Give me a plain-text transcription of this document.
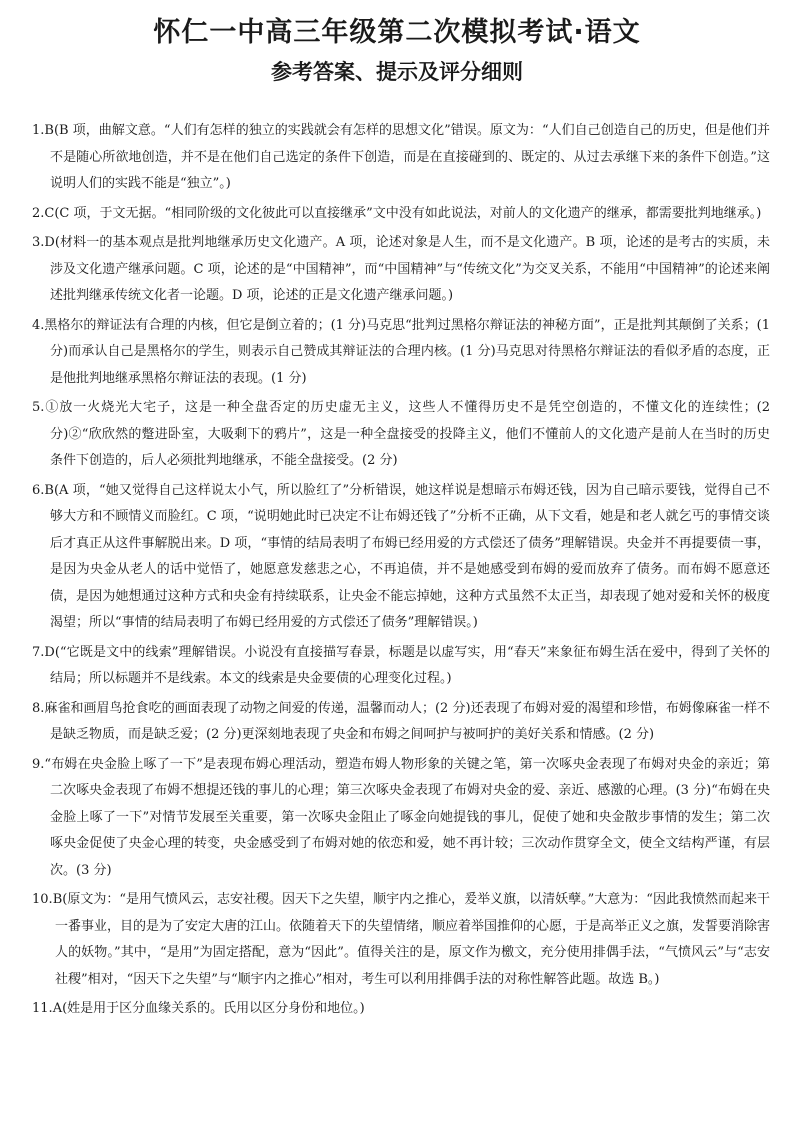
怀仁一中高三年级第二次模拟考试·语文
参考答案、提示及评分细则

1.B(B 项，曲解文意。“人们有怎样的独立的实践就会有怎样的思想文化”错误。原文为：“人们自己创造自己的历史，但是他们并不是随心所欲地创造，并不是在他们自己选定的条件下创造，而是在直接碰到的、既定的、从过去承继下来的条件下创造。”这说明人们的实践不能是“独立”。)

2.C(C 项，于文无据。“相同阶级的文化彼此可以直接继承”文中没有如此说法，对前人的文化遗产的继承，都需要批判地继承。)

3.D(材料一的基本观点是批判地继承历史文化遗产。A 项，论述对象是人生，而不是文化遗产。B 项，论述的是考古的实质，未涉及文化遗产继承问题。C 项，论述的是“中国精神”，而“中国精神”与“传统文化”为交叉关系，不能用“中国精神”的论述来阐述批判继承传统文化者一论题。D 项，论述的正是文化遗产继承问题。)

4.黑格尔的辩证法有合理的内核，但它是倒立着的；(1 分)马克思“批判过黑格尔辩证法的神秘方面”，正是批判其颠倒了关系；(1 分)而承认自己是黑格尔的学生，则表示自己赞成其辩证法的合理内核。(1 分)马克思对待黑格尔辩证法的看似矛盾的态度，正是他批判地继承黑格尔辩证法的表现。(1 分)

5.①放一火烧光大宅子，这是一种全盘否定的历史虚无主义，这些人不懂得历史不是凭空创造的，不懂文化的连续性；(2 分)②“欣欣然的蹩进卧室，大吸剩下的鸦片”，这是一种全盘接受的投降主义，他们不懂前人的文化遗产是前人在当时的历史条件下创造的，后人必须批判地继承，不能全盘接受。(2 分)

6.B(A 项，“她又觉得自己这样说太小气，所以脸红了”分析错误，她这样说是想暗示布姆还钱，因为自己暗示要钱，觉得自己不够大方和不顾情义而脸红。C 项，“说明她此时已决定不让布姆还钱了”分析不正确，从下文看，她是和老人就乞丐的事情交谈后才真正从这件事解脱出来。D 项，“事情的结局表明了布姆已经用爱的方式偿还了债务”理解错误。央金并不再提要债一事，是因为央金从老人的话中觉悟了，她愿意发慈悲之心，不再追债，并不是她感受到布姆的爱而放弃了债务。而布姆不愿意还债，是因为她想通过这种方式和央金有持续联系，让央金不能忘掉她，这种方式虽然不太正当，却表现了她对爱和关怀的极度渴望；所以“事情的结局表明了布姆已经用爱的方式偿还了债务”理解错误。)

7.D(“它既是文中的线索”理解错误。小说没有直接描写春景，标题是以虚写实，用“春天”来象征布姆生活在爱中，得到了关怀的结局；所以标题并不是线索。本文的线索是央金要债的心理变化过程。)

8.麻雀和画眉鸟抢食吃的画面表现了动物之间爱的传递，温馨而动人；(2 分)还表现了布姆对爱的渴望和珍惜，布姆像麻雀一样不是缺乏物质，而是缺乏爱；(2 分)更深刻地表现了央金和布姆之间呵护与被呵护的美好关系和情感。(2 分)

9.“布姆在央金脸上啄了一下”是表现布姆心理活动，塑造布姆人物形象的关键之笔，第一次啄央金表现了布姆对央金的亲近；第二次啄央金表现了布姆不想提还钱的事儿的心理；第三次啄央金表现了布姆对央金的爱、亲近、感激的心理。(3 分)“布姆在央金脸上啄了一下”对情节发展至关重要，第一次啄央金阻止了啄金向她提钱的事儿，促使了她和央金散步事情的发生；第二次啄央金促使了央金心理的转变，央金感受到了布姆对她的依恋和爱，她不再计较；三次动作贯穿全文，使全文结构严谨，有层次。(3 分)

10.B(原文为：“是用气愤风云，志安社稷。因天下之失望，顺宇内之推心，爰举义旗，以清妖孽。”大意为：“因此我愤然而起来干一番事业，目的是为了安定大唐的江山。依随着天下的失望情绪，顺应着举国推仰的心愿，于是高举正义之旗，发誓要消除害人的妖物。”其中，“是用”为固定搭配，意为“因此”。值得关注的是，原文作为檄文，充分使用排偶手法，“气愤风云”与“志安社稷”相对，“因天下之失望”与“顺宇内之推心”相对，考生可以利用排偶手法的对称性解答此题。故选 B。)

11.A(姓是用于区分血缘关系的。氏用以区分身份和地位。)
